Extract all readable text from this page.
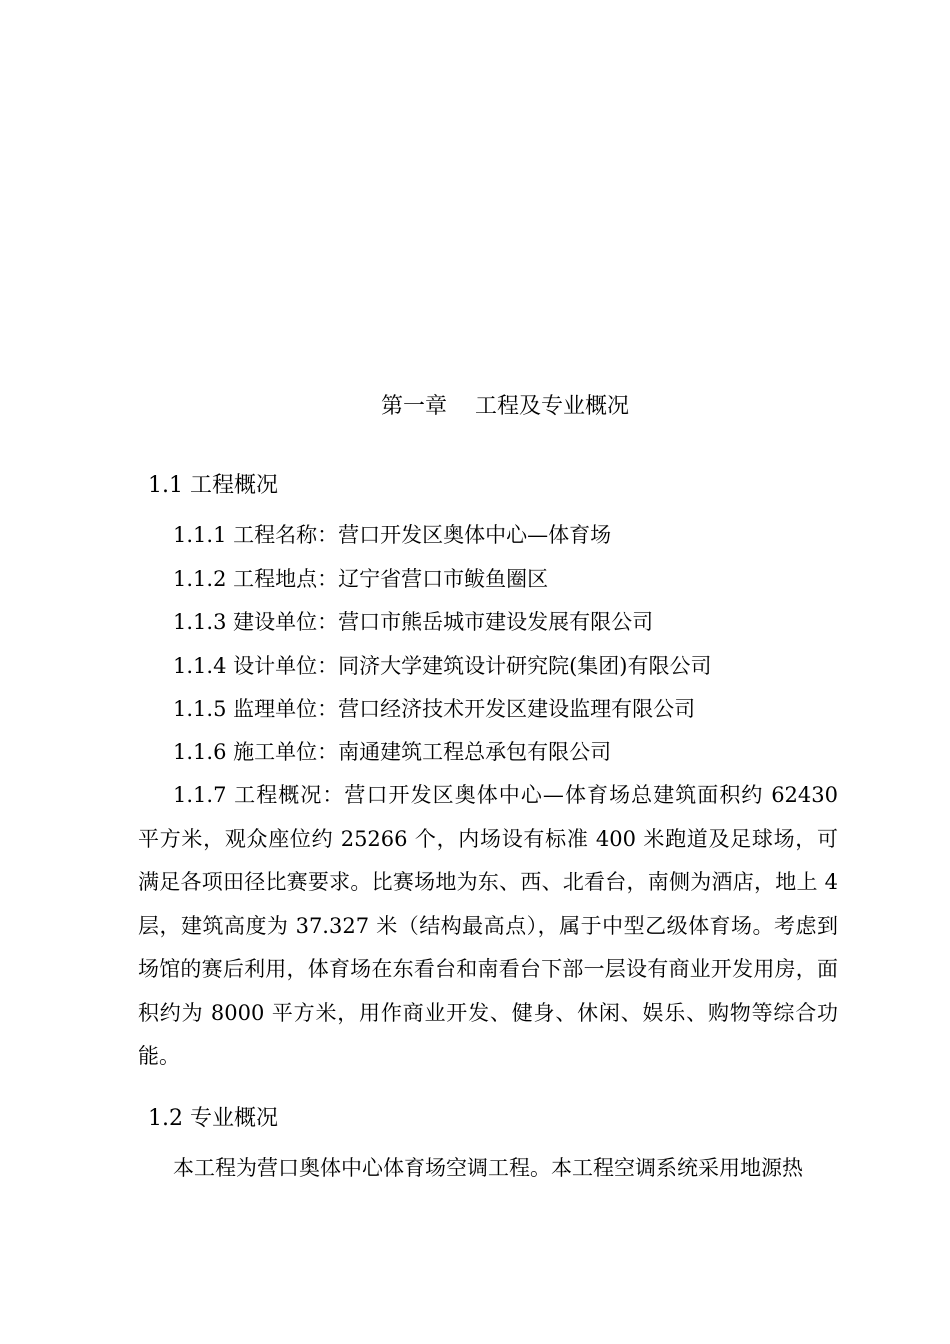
第一章    工程及专业概况
1.1 工程概况
1.1.1 工程名称：营口开发区奥体中心—体育场
1.1.2 工程地点：辽宁省营口市鲅鱼圈区
1.1.3 建设单位：营口市熊岳城市建设发展有限公司
1.1.4 设计单位：同济大学建筑设计研究院(集团)有限公司
1.1.5 监理单位：营口经济技术开发区建设监理有限公司
1.1.6 施工单位：南通建筑工程总承包有限公司
1.1.7 工程概况：营口开发区奥体中心—体育场总建筑面积约 62430 平方米，观众座位约 25266 个，内场设有标准 400 米跑道及足球场，可满足各项田径比赛要求。比赛场地为东、西、北看台，南侧为酒店，地上 4 层，建筑高度为 37.327 米（结构最高点），属于中型乙级体育场。考虑到场馆的赛后利用，体育场在东看台和南看台下部一层设有商业开发用房，面积约为 8000 平方米，用作商业开发、健身、休闲、娱乐、购物等综合功能。
1.2 专业概况
本工程为营口奥体中心体育场空调工程。本工程空调系统采用地源热
